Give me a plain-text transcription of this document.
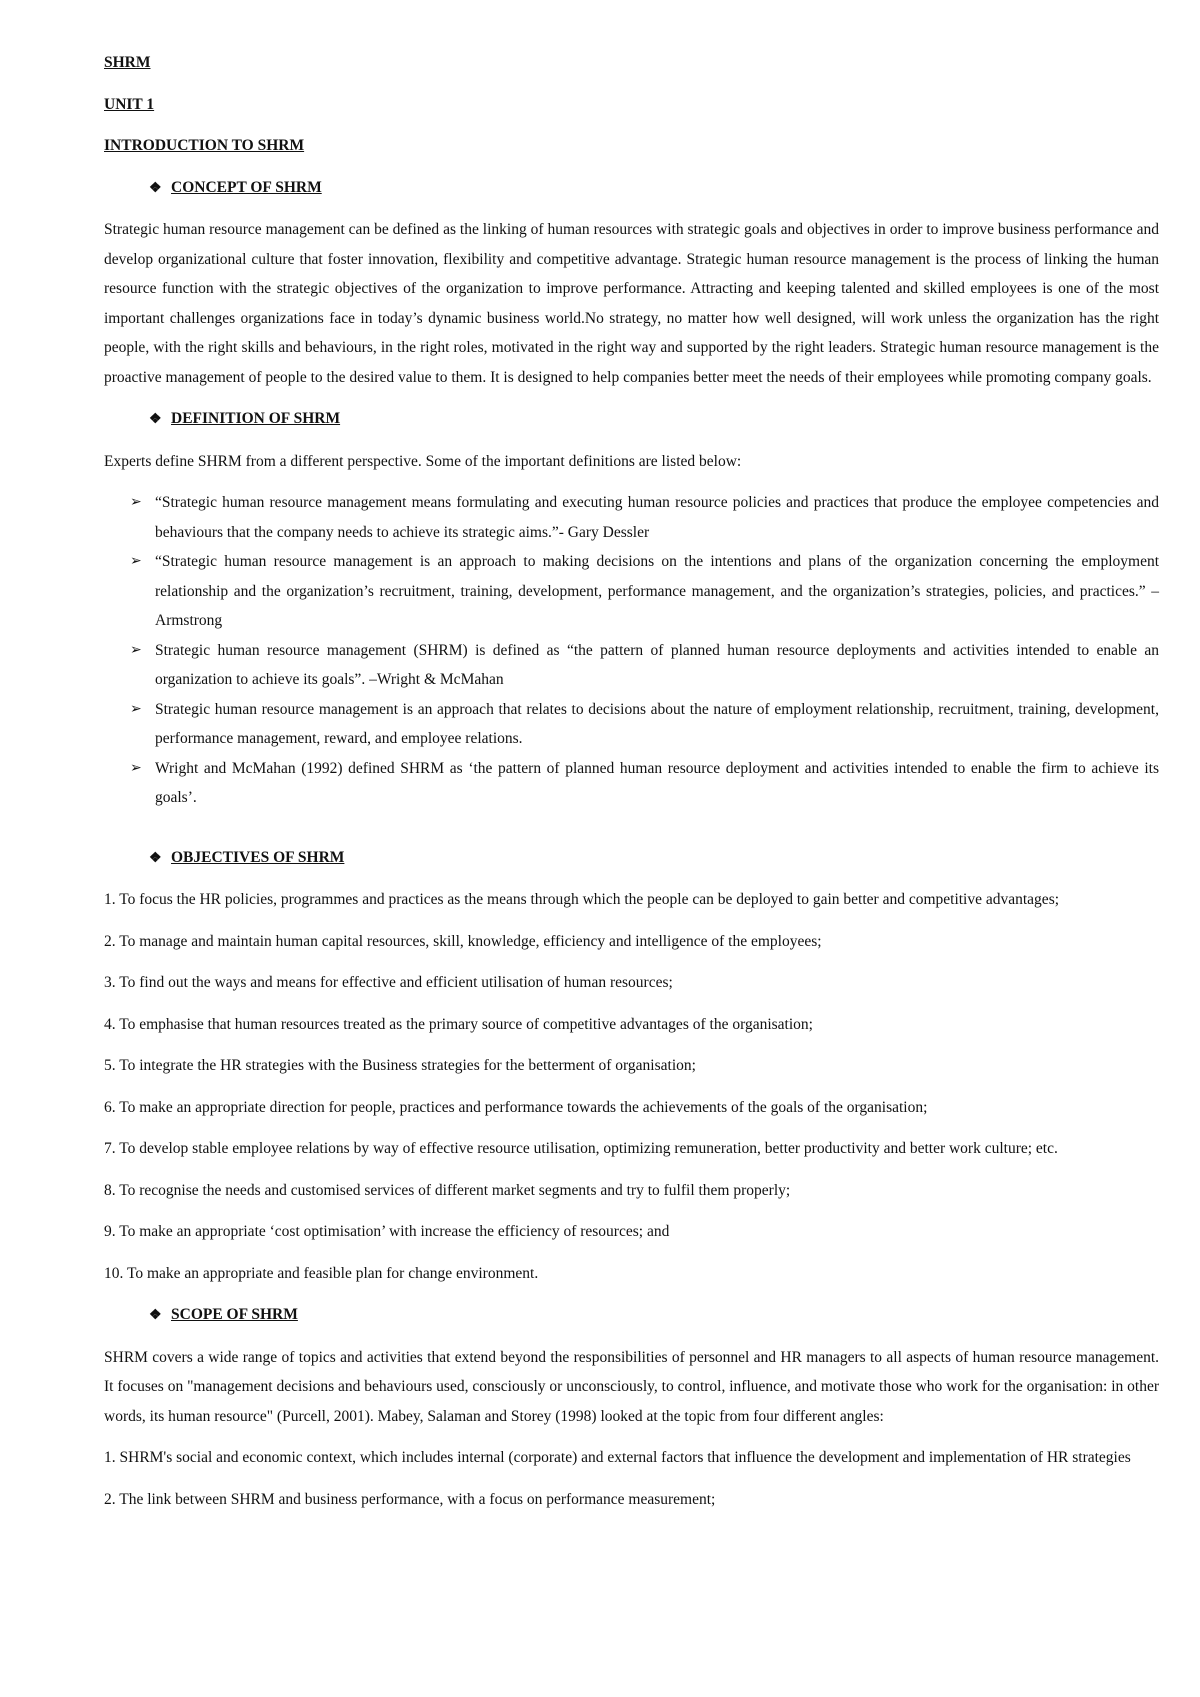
SHRM

UNIT 1

INTRODUCTION TO SHRM

❖ CONCEPT OF SHRM

Strategic human resource management can be defined as the linking of human resources with strategic goals and objectives in order to improve business performance and develop organizational culture that foster innovation, flexibility and competitive advantage. Strategic human resource management is the process of linking the human resource function with the strategic objectives of the organization to improve performance. Attracting and keeping talented and skilled employees is one of the most important challenges organizations face in today’s dynamic business world.No strategy, no matter how well designed, will work unless the organization has the right people, with the right skills and behaviours, in the right roles, motivated in the right way and supported by the right leaders. Strategic human resource management is the proactive management of people to the desired value to them. It is designed to help companies better meet the needs of their employees while promoting company goals.

❖ DEFINITION OF SHRM

Experts define SHRM from a different perspective. Some of the important definitions are listed below:

➢ “Strategic human resource management means formulating and executing human resource policies and practices that produce the employee competencies and behaviours that the company needs to achieve its strategic aims.”- Gary Dessler
➢ “Strategic human resource management is an approach to making decisions on the intentions and plans of the organization concerning the employment relationship and the organization’s recruitment, training, development, performance management, and the organization’s strategies, policies, and practices.” – Armstrong
➢ Strategic human resource management (SHRM) is defined as “the pattern of planned human resource deployments and activities intended to enable an organization to achieve its goals”. –Wright & McMahan
➢ Strategic human resource management is an approach that relates to decisions about the nature of employment relationship, recruitment, training, development, performance management, reward, and employee relations.
➢ Wright and McMahan (1992) defined SHRM as ‘the pattern of planned human resource deployment and activities intended to enable the firm to achieve its goals’.

❖ OBJECTIVES OF SHRM

1. To focus the HR policies, programmes and practices as the means through which the people can be deployed to gain better and competitive advantages;

2. To manage and maintain human capital resources, skill, knowledge, efficiency and intelligence of the employees;

3. To find out the ways and means for effective and efficient utilisation of human resources;

4. To emphasise that human resources treated as the primary source of competitive advantages of the organisation;

5. To integrate the HR strategies with the Business strategies for the betterment of organisation;

6. To make an appropriate direction for people, practices and performance towards the achievements of the goals of the organisation;

7. To develop stable employee relations by way of effective resource utilisation, optimizing remuneration, better productivity and better work culture; etc.

8. To recognise the needs and customised services of different market segments and try to fulfil them properly;

9. To make an appropriate ‘cost optimisation’ with increase the efficiency of resources; and

10. To make an appropriate and feasible plan for change environment.

❖ SCOPE OF SHRM

SHRM covers a wide range of topics and activities that extend beyond the responsibilities of personnel and HR managers to all aspects of human resource management. It focuses on "management decisions and behaviours used, consciously or unconsciously, to control, influence, and motivate those who work for the organisation: in other words, its human resource" (Purcell, 2001). Mabey, Salaman and Storey (1998) looked at the topic from four different angles:

1. SHRM's social and economic context, which includes internal (corporate) and external factors that influence the development and implementation of HR strategies

2. The link between SHRM and business performance, with a focus on performance measurement;
